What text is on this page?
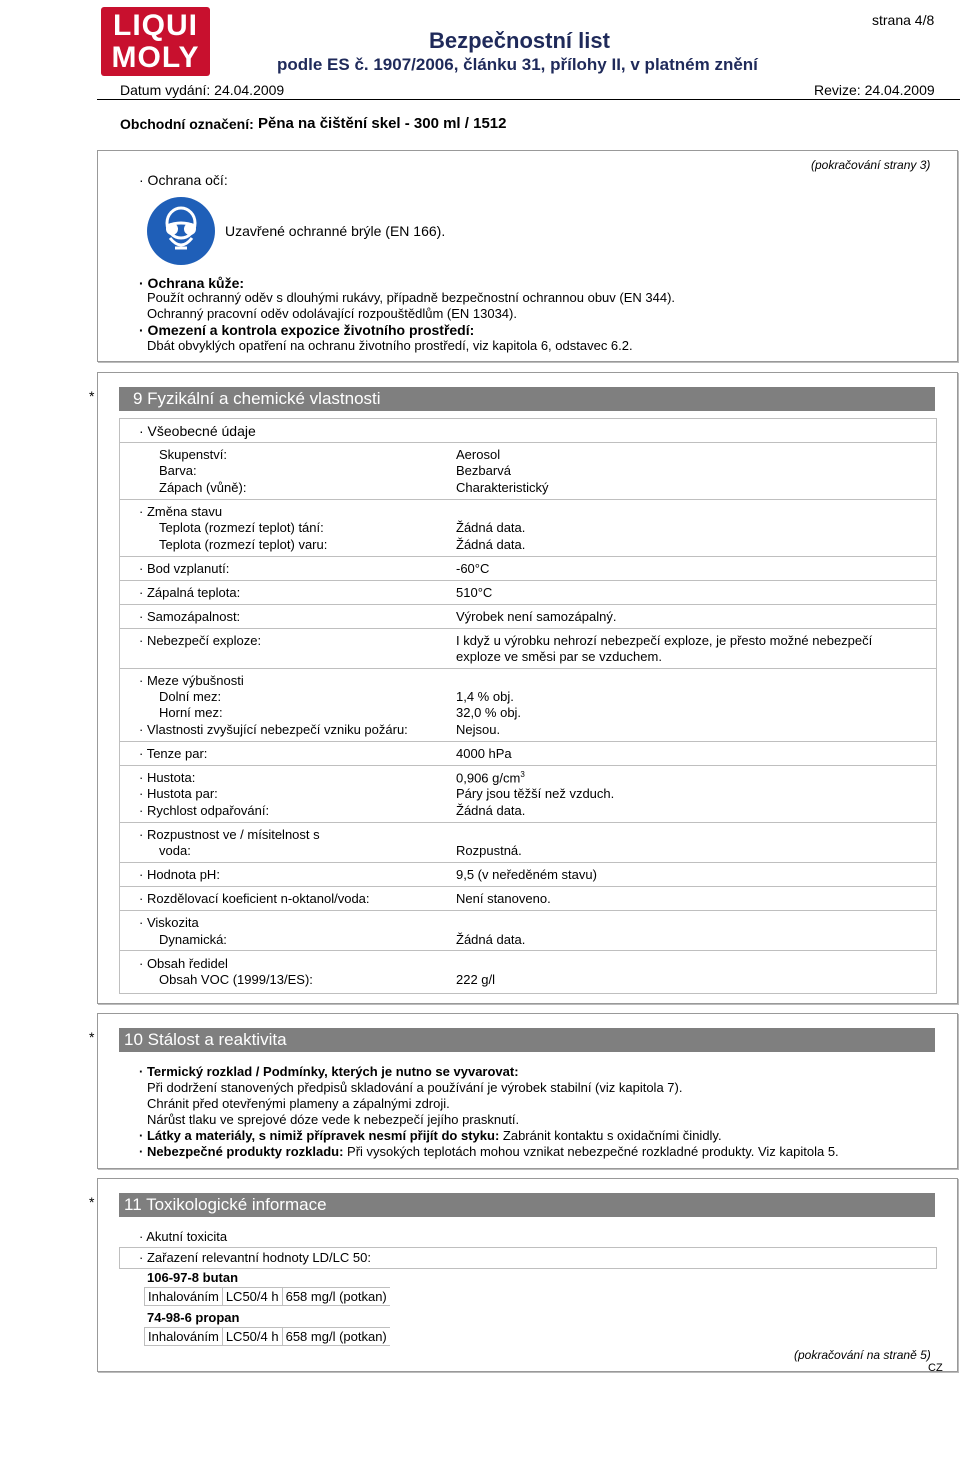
LIQUI
MOLY
strana 4/8
Bezpečnostní list
podle ES č. 1907/2006, článku 31, přílohy II, v platném znění
Datum vydání: 24.04.2009	Revize: 24.04.2009
Obchodní označení: Pěna na čištění skel - 300 ml / 1512
(pokračování strany 3)
· Ochrana očí:
Uzavřené ochranné brýle (EN 166).
· Ochrana kůže:
Použít ochranný oděv s dlouhými rukávy, případně bezpečnostní ochrannou obuv (EN 344).
Ochranný pracovní oděv odolávající rozpouštědlům (EN 13034).
· Omezení a kontrola expozice životního prostředí:
Dbát obvyklých opatření na ochranu životního prostředí, viz kapitola 6, odstavec 6.2.
*	9 Fyzikální a chemické vlastnosti
· Všeobecné údaje
Skupenství:	Aerosol
Barva:	Bezbarvá
Zápach (vůně):	Charakteristický
· Změna stavu
Teplota (rozmezí teplot) tání:	Žádná data.
Teplota (rozmezí teplot) varu:	Žádná data.
· Bod vzplanutí:	-60°C
· Zápalná teplota:	510°C
· Samozápalnost:	Výrobek není samozápalný.
· Nebezpečí exploze:	I když u výrobku nehrozí nebezpečí exploze, je přesto možné nebezpečí
exploze ve směsi par se vzduchem.
· Meze výbušnosti
Dolní mez:	1,4 % obj.
Horní mez:	32,0 % obj.
· Vlastnosti zvyšující nebezpečí vzniku požáru:	Nejsou.
· Tenze par:	4000 hPa
· Hustota:	0,906 $g/cm^3$
· Hustota par:	Páry jsou těžší než vzduch.
· Rychlost odpařování:	Žádná data.
· Rozpustnost ve / mísitelnost s
voda:	Rozpustná.
· Hodnota pH:	9,5 (v neředěném stavu)
· Rozdělovací koeficient n-oktanol/voda:	Není stanoveno.
· Viskozita
Dynamická:	Žádná data.
· Obsah ředidel
Obsah VOC (1999/13/ES):	222 g/l
* 10 Stálost a reaktivita
· Termický rozklad / Podmínky, kterých je nutno se vyvarovat:
Při dodržení stanovených předpisů skladování a používání je výrobek stabilní (viz kapitola 7).
Chránit před otevřenými plameny a zápalnými zdroji.
Nárůst tlaku ve sprejové dóze vede k nebezpečí jejího prasknutí.
· Látky a materiály, s nimiž přípravek nesmí přijít do styku: Zabránit kontaktu s oxidačními činidly.
· Nebezpečné produkty rozkladu: Při vysokých teplotách mohou vznikat nebezpečné rozkladné produkty. Viz kapitola 5.
* 11 Toxikologické informace
· Akutní toxicita
· Zařazení relevantní hodnoty LD/LC 50:
106-97-8 butan
Inhalováním	LC50/4 h	658 mg/l (potkan)
74-98-6 propan
Inhalováním	LC50/4 h	658 mg/l (potkan)
(pokračování na straně 5)
CZ
